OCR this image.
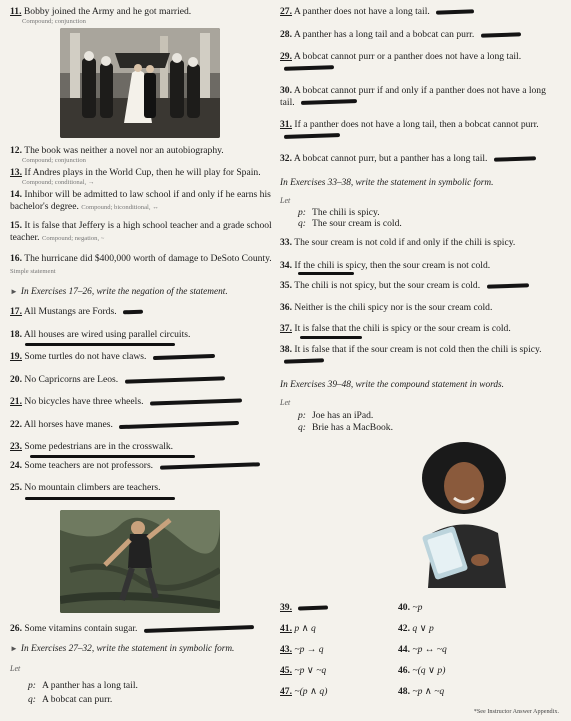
11. Bobby joined the Army and he got married.
Compound; conjunction

12. The book was neither a novel nor an autobiography.
Compound; conjunction

13. If Andres plays in the World Cup, then he will play for Spain.
Compound; conditional, →

14. Inhibor will be admitted to law school if and only if he earns his bachelor's degree. Compound; biconditional, ↔

15. It is false that Jeffery is a high school teacher and a grade school teacher. Compound; negation, ~

16. The hurricane did $400,000 worth of damage to DeSoto County. Simple statement

► In Exercises 17–26, write the negation of the statement.

17. All Mustangs are Fords.

18. All houses are wired using parallel circuits.

19. Some turtles do not have claws.

20. No Capricorns are Leos.

21. No bicycles have three wheels.

22. All horses have manes.

23. Some pedestrians are in the crosswalk.

24. Some teachers are not professors.

25. No mountain climbers are teachers.

26. Some vitamins contain sugar.

► In Exercises 27–32, write the statement in symbolic form.
Let
p: A panther has a long tail.
q: A bobcat can purr.

27. A panther does not have a long tail.

28. A panther has a long tail and a bobcat can purr.

29. A bobcat cannot purr or a panther does not have a long tail.

30. A bobcat cannot purr if and only if a panther does not have a long tail.

31. If a panther does not have a long tail, then a bobcat cannot purr.

32. A bobcat cannot purr, but a panther has a long tail.

In Exercises 33–38, write the statement in symbolic form.
Let
p: The chili is spicy.
q: The sour cream is cold.

33. The sour cream is not cold if and only if the chili is spicy.

34. If the chili is spicy, then the sour cream is not cold.

35. The chili is not spicy, but the sour cream is cold.

36. Neither is the chili spicy nor is the sour cream cold.

37. It is false that the chili is spicy or the sour cream is cold.

38. It is false that if the sour cream is not cold then the chili is spicy.

In Exercises 39–48, write the compound statement in words.
Let
p: Joe has an iPad.
q: Brie has a MacBook.
39.	40. ~p
41. p ∧ q	42. q ∨ p
43. ~p → q	44. ~p ↔ ~q
45. ~p ∨ ~q	46. ~(q ∨ p)
47. ~(p ∧ q)	48. ~p ∧ ~q
*See Instructor Answer Appendix.
